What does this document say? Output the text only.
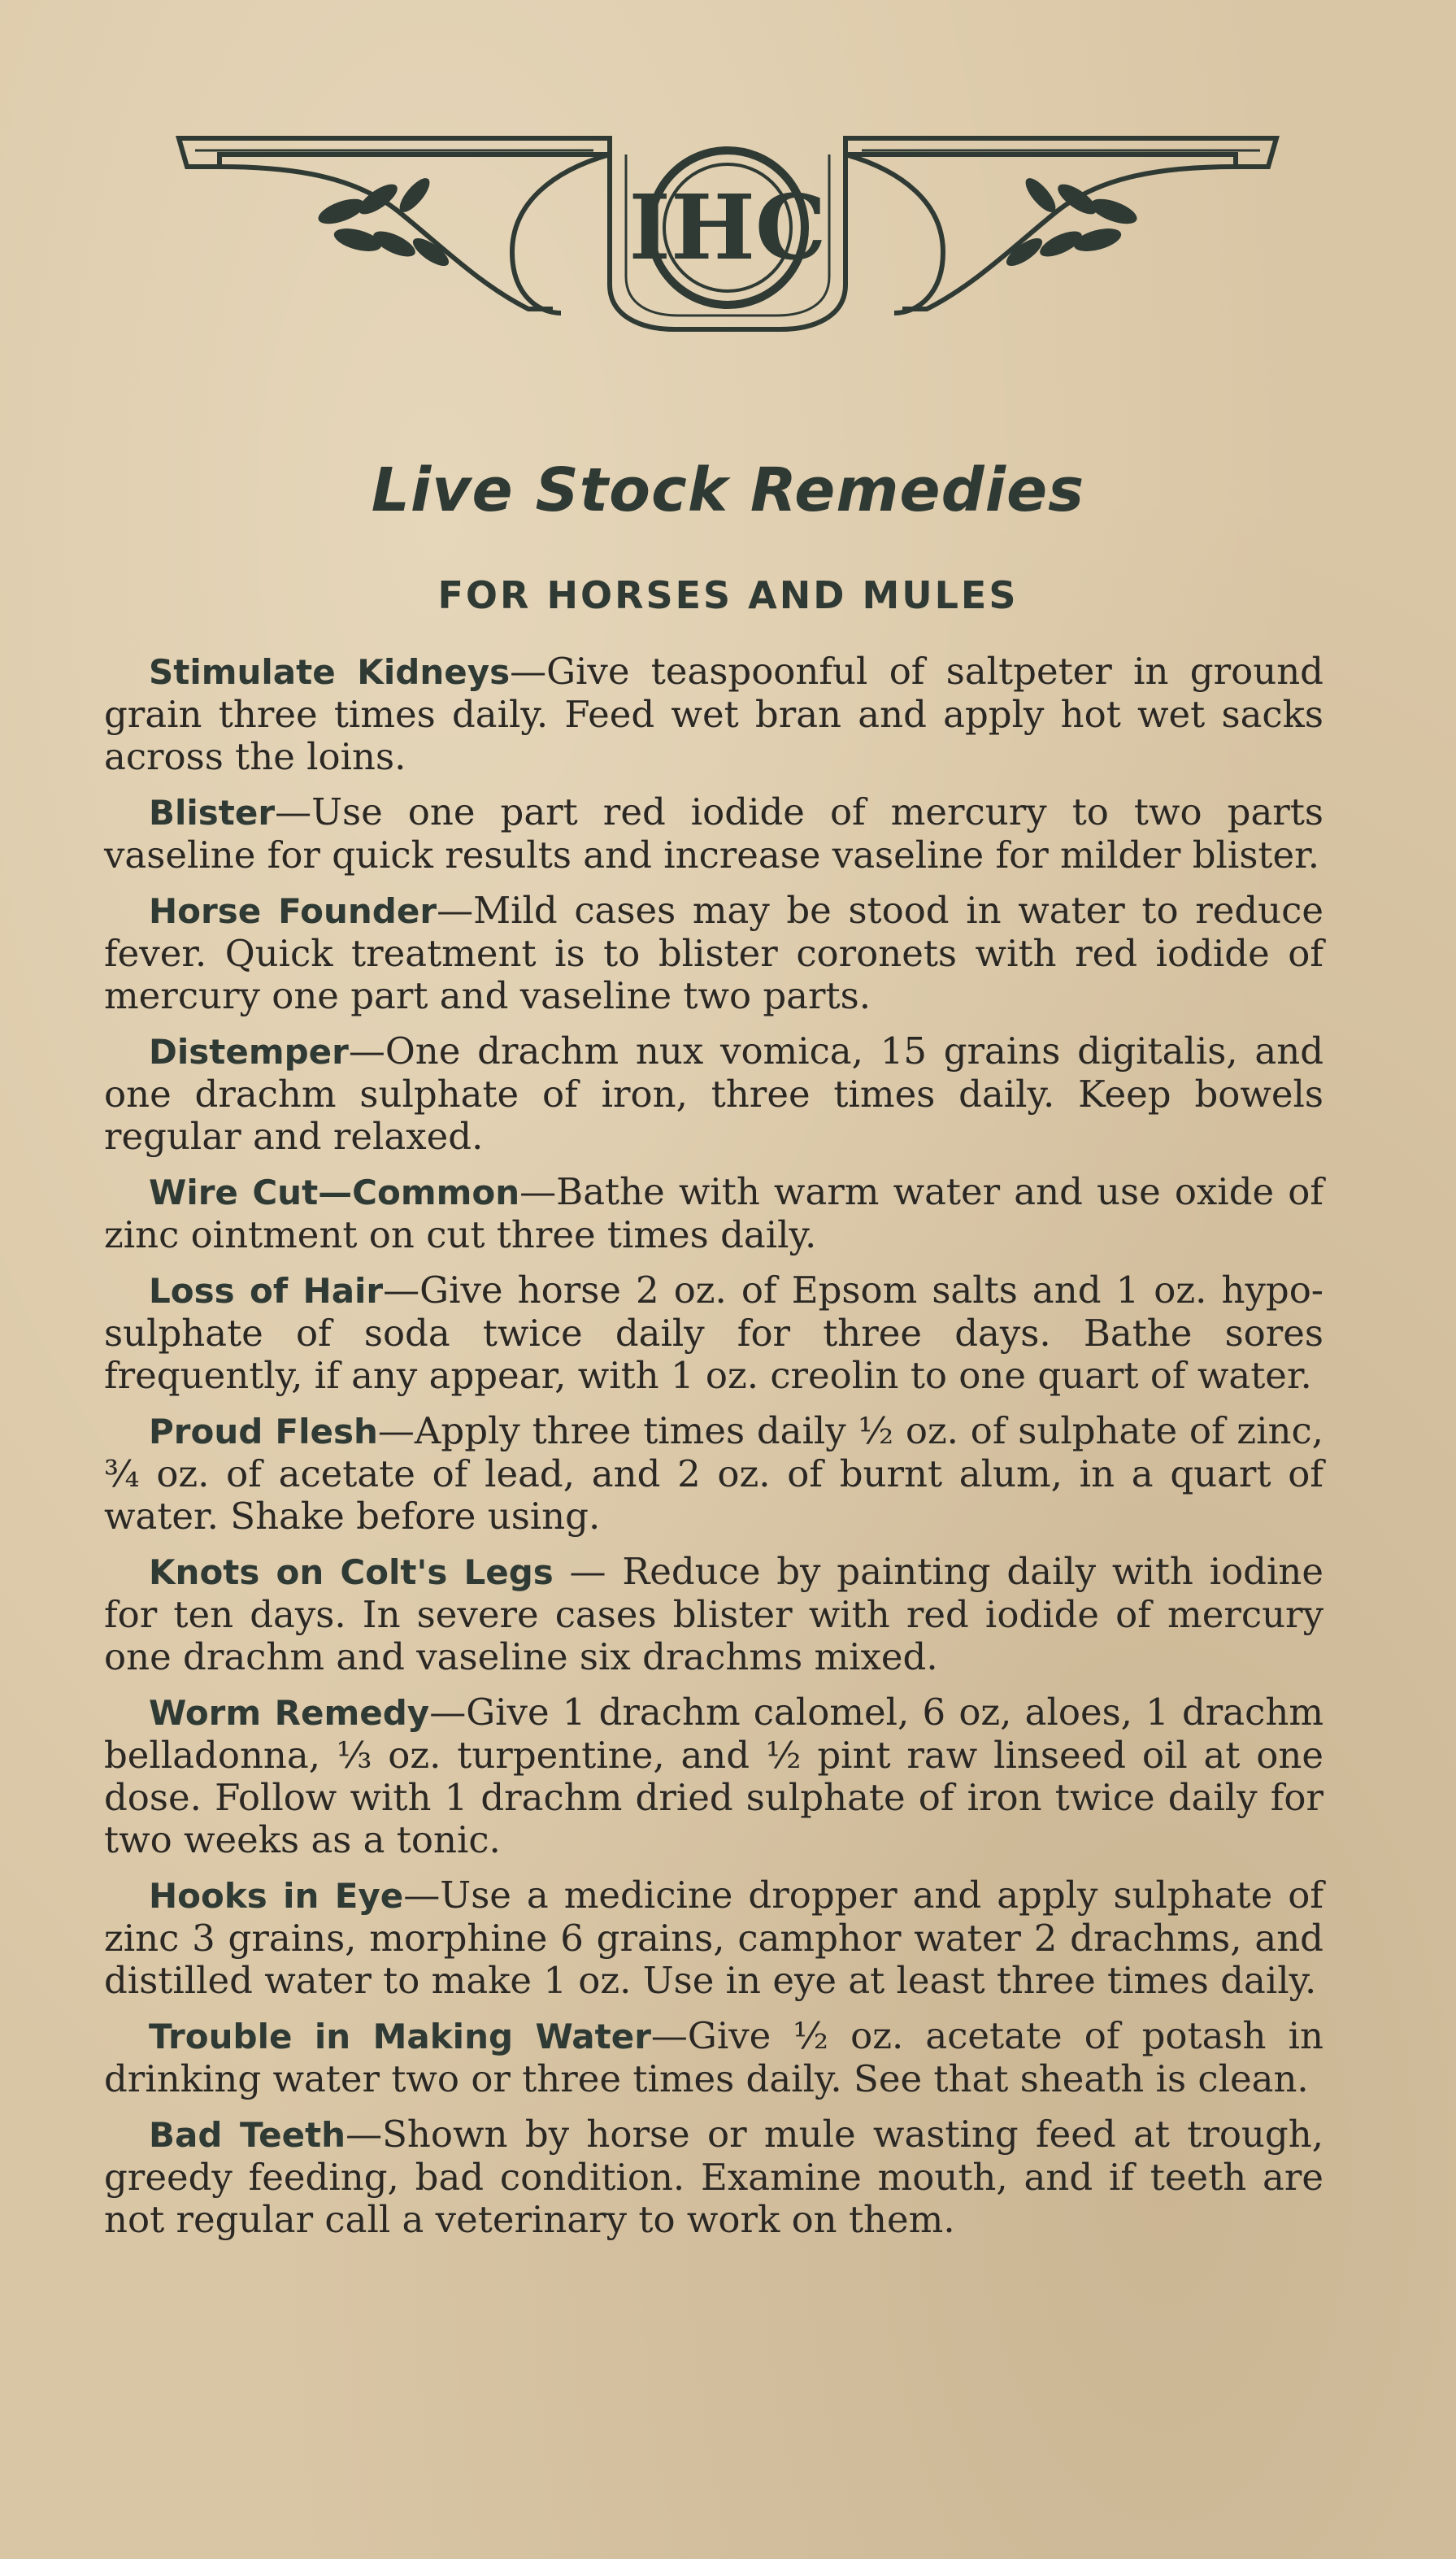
IHC
Live Stock Remedies
FOR HORSES AND MULES

Stimulate Kidneys—Give teaspoonful of saltpeter in ground grain three times daily. Feed wet bran and apply hot wet sacks across the loins.

Blister—Use one part red iodide of mercury to two parts vaseline for quick results and increase vaseline for milder blister.

Horse Founder—Mild cases may be stood in water to reduce fever. Quick treatment is to blister coronets with red iodide of mercury one part and vaseline two parts.

Distemper—One drachm nux vomica, 15 grains digitalis, and one drachm sulphate of iron, three times daily. Keep bowels regular and relaxed.

Wire Cut—Common—Bathe with warm water and use oxide of zinc ointment on cut three times daily.

Loss of Hair—Give horse 2 oz. of Epsom salts and 1 oz. hypo-sulphate of soda twice daily for three days. Bathe sores frequently, if any appear, with 1 oz. creolin to one quart of water.

Proud Flesh—Apply three times daily ½ oz. of sulphate of zinc, ¾ oz. of acetate of lead, and 2 oz. of burnt alum, in a quart of water. Shake before using.

Knots on Colt's Legs — Reduce by painting daily with iodine for ten days. In severe cases blister with red iodide of mercury one drachm and vaseline six drachms mixed.

Worm Remedy—Give 1 drachm calomel, 6 oz, aloes, 1 drachm belladonna, ⅓ oz. turpentine, and ½ pint raw linseed oil at one dose. Follow with 1 drachm dried sulphate of iron twice daily for two weeks as a tonic.

Hooks in Eye—Use a medicine dropper and apply sulphate of zinc 3 grains, morphine 6 grains, camphor water 2 drachms, and distilled water to make 1 oz. Use in eye at least three times daily.

Trouble in Making Water—Give ½ oz. acetate of potash in drinking water two or three times daily. See that sheath is clean.

Bad Teeth—Shown by horse or mule wasting feed at trough, greedy feeding, bad condition. Examine mouth, and if teeth are not regular call a veterinary to work on them.
